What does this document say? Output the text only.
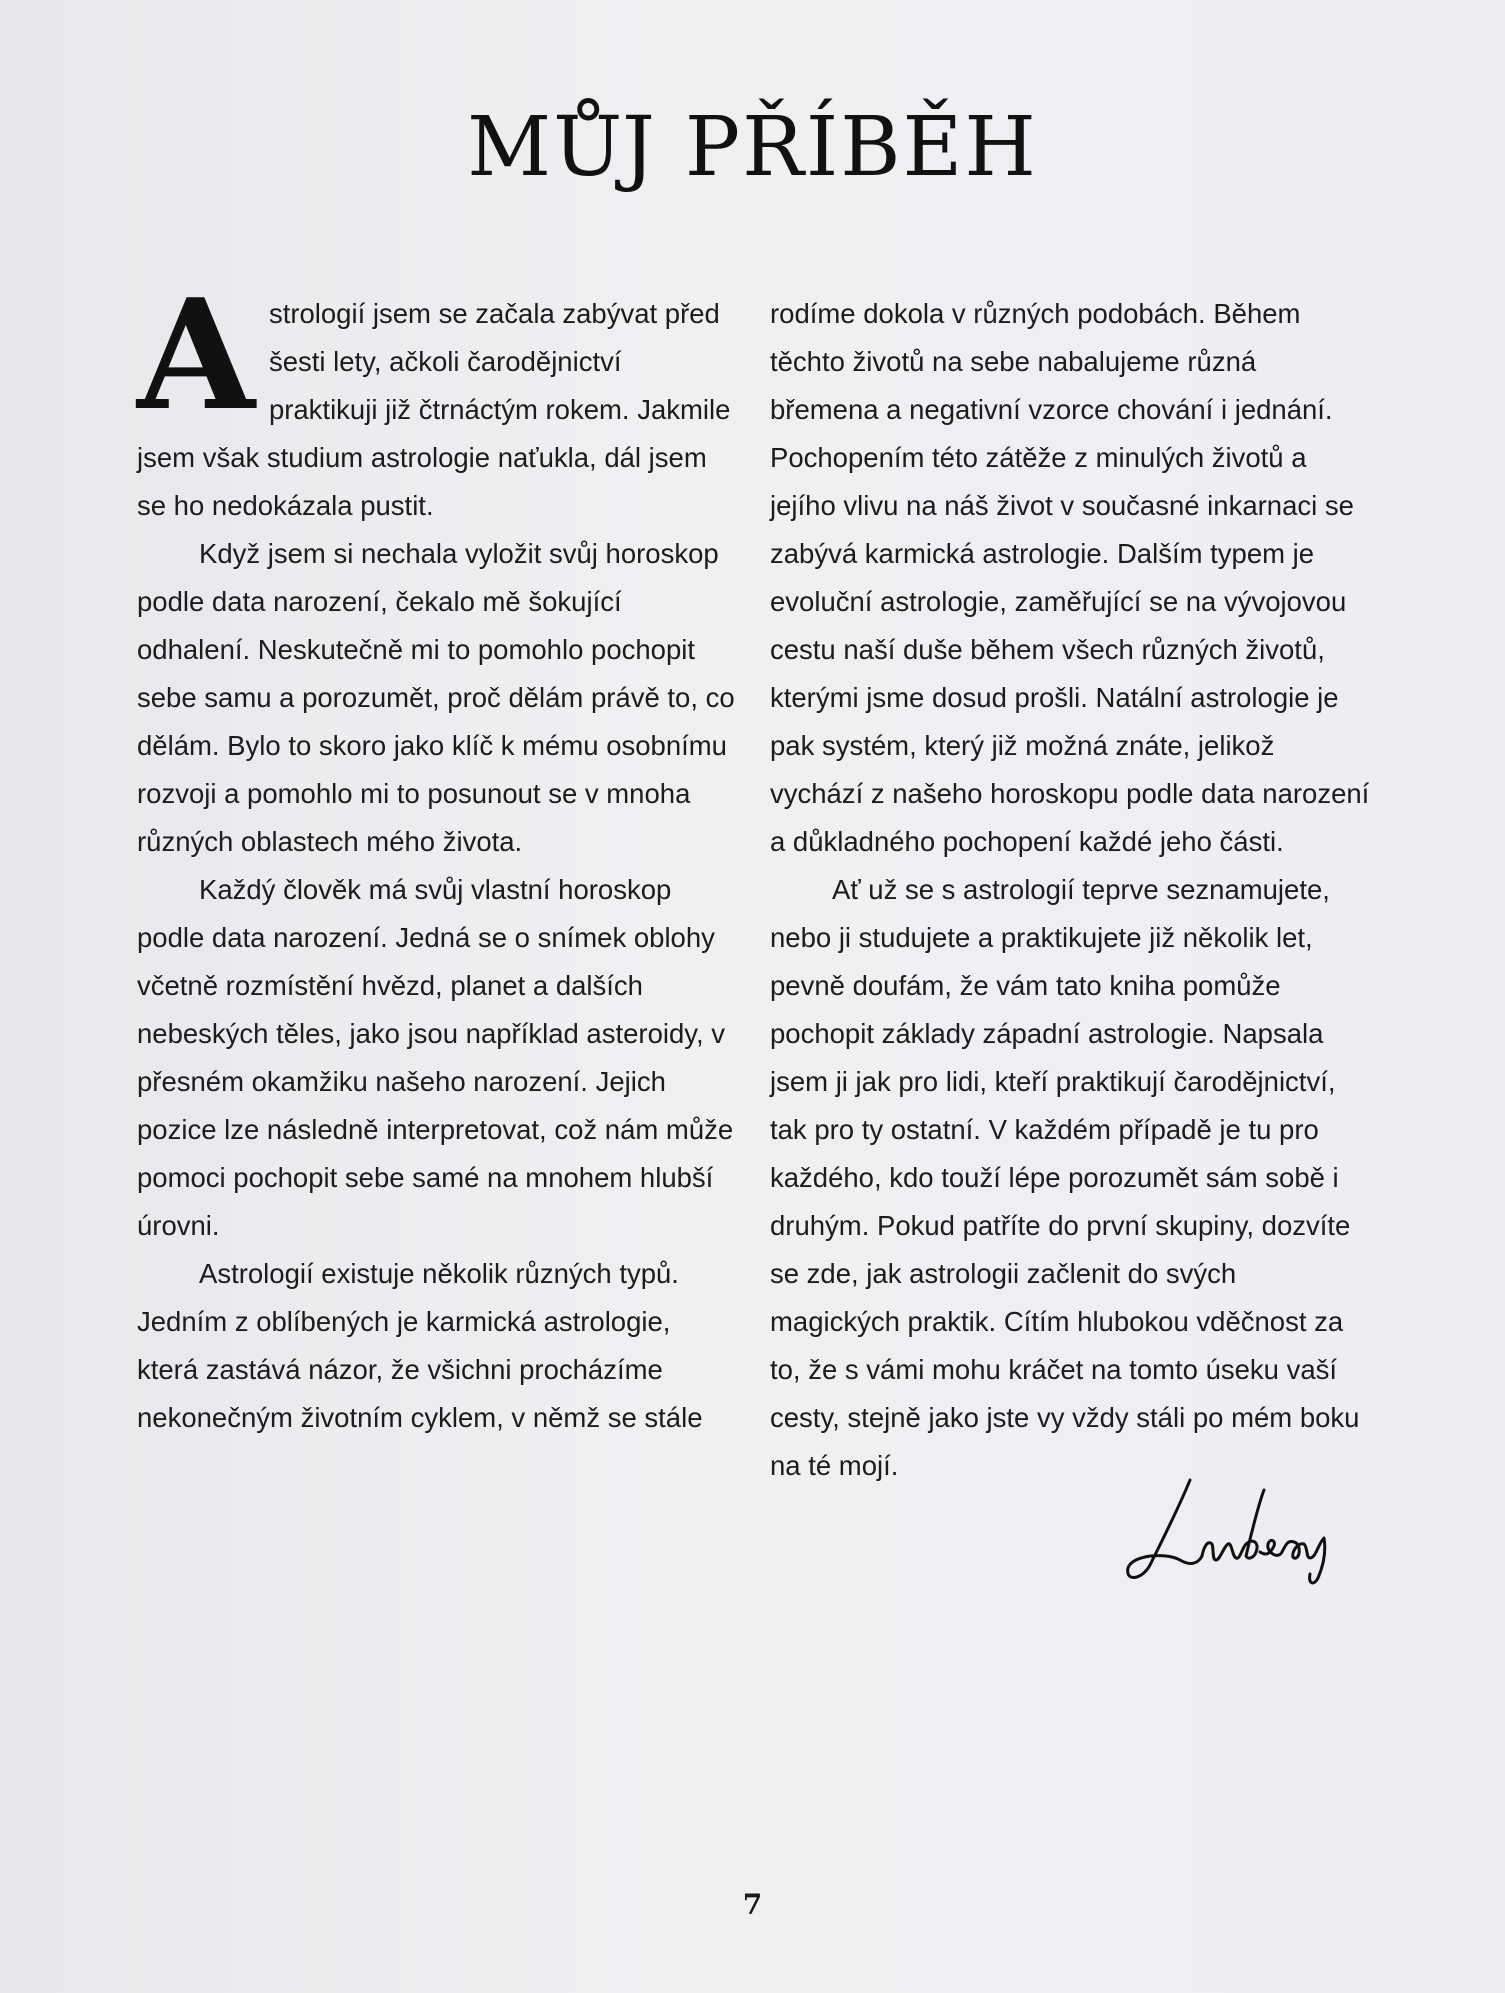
MŮJ PŘÍBĚH

Astrologií jsem se začala zabývat před šesti lety, ačkoli čarodějnictví praktikuji již čtrnáctým rokem. Jakmile jsem však studium astrologie naťukla, dál jsem se ho nedokázala pustit.

Když jsem si nechala vyložit svůj horoskop podle data narození, čekalo mě šokující odhalení. Neskutečně mi to pomohlo pochopit sebe samu a porozumět, proč dělám právě to, co dělám. Bylo to skoro jako klíč k mému osobnímu rozvoji a pomohlo mi to posunout se v mnoha různých oblastech mého života.

Každý člověk má svůj vlastní horoskop podle data narození. Jedná se o snímek oblohy včetně rozmístění hvězd, planet a dalších nebeských těles, jako jsou například asteroidy, v přesném okamžiku našeho narození. Jejich pozice lze následně interpretovat, což nám může pomoci pochopit sebe samé na mnohem hlubší úrovni.

Astrologií existuje několik různých typů. Jedním z oblíbených je karmická astrologie, která zastává názor, že všichni procházíme nekonečným životním cyklem, v němž se stále

rodíme dokola v různých podobách. Během těchto životů na sebe nabalujeme různá břemena a negativní vzorce chování i jednání. Pochopením této zátěže z minulých životů a jejího vlivu na náš život v současné inkarnaci se zabývá karmická astrologie. Dalším typem je evoluční astrologie, zaměřující se na vývojovou cestu naší duše během všech různých životů, kterými jsme dosud prošli. Natální astrologie je pak systém, který již možná znáte, jelikož vychází z našeho horoskopu podle data narození a důkladného pochopení každé jeho části.

Ať už se s astrologií teprve seznamujete, nebo ji studujete a praktikujete již několik let, pevně doufám, že vám tato kniha pomůže pochopit základy západní astrologie. Napsala jsem ji jak pro lidi, kteří praktikují čarodějnictví, tak pro ty ostatní. V každém případě je tu pro každého, kdo touží lépe porozumět sám sobě i druhým. Pokud patříte do první skupiny, dozvíte se zde, jak astrologii začlenit do svých magických praktik. Cítím hlubokou vděčnost za to, že s vámi mohu kráčet na tomto úseku vaší cesty, stejně jako jste vy vždy stáli po mém boku na té mojí.

7
